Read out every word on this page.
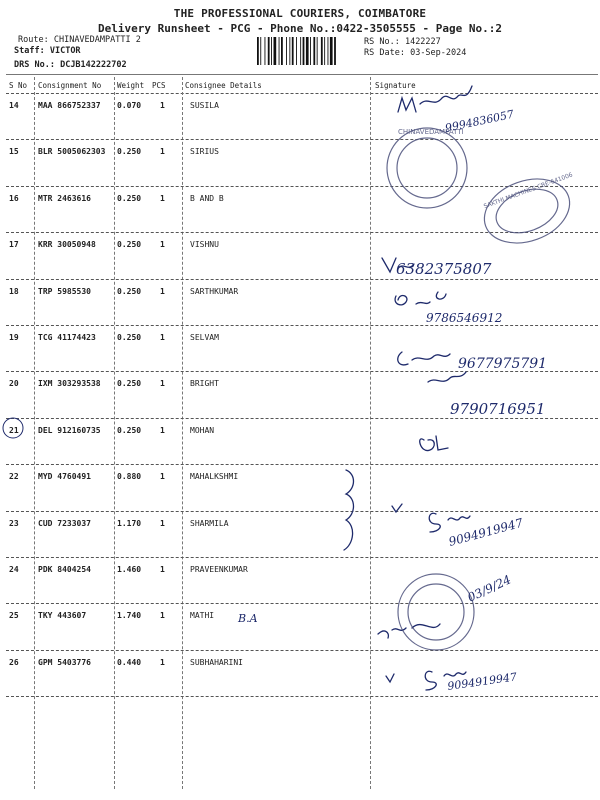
THE PROFESSIONAL COURIERS, COIMBATORE
Delivery Runsheet - PCG - Phone No.:0422-3505555 - Page No.:2
Route: CHINAVEDAMPATTI 2
Staff: VICTOR
DRS No.: DCJB142222702
RS No.: 1422227
RS Date: 03-Sep-2024
S No Consignment No Weight PCS	Consignee Details	Signature
14 MAA 866752337 0.070 1	SUSILA
15 BLR 5005062303 0.250 1	SIRIUS
16 MTR 2463616	0.250 1	B AND B
17 KRR 30050948	0.250 1	VISHNU
18 TRP 5985530	0.250 1	SARTHKUMAR
19 TCG 41174423	0.250 1	SELVAM
20 IXM 303293538 0.250 1	BRIGHT
21 DEL 912160735 0.250 1	MOHAN
22 MYD 4760491	0.880 1	MAHALKSHMI
23 CUD 7233037	1.170 1	SHARMILA
24 PDK 8404254	1.460 1	PRAVEENKUMAR
25 TKY 443607	1.740 1	MATHI
26 GPM 5403776	0.440 1	SUBHAHARINI
CHINAVEDAMPATTI
SAKTHI MACHINES CBE-641006
9994836057
6382375807
9786546912
9677975791
9790716951
9094919947
03/9/24
B.A
9094919947
